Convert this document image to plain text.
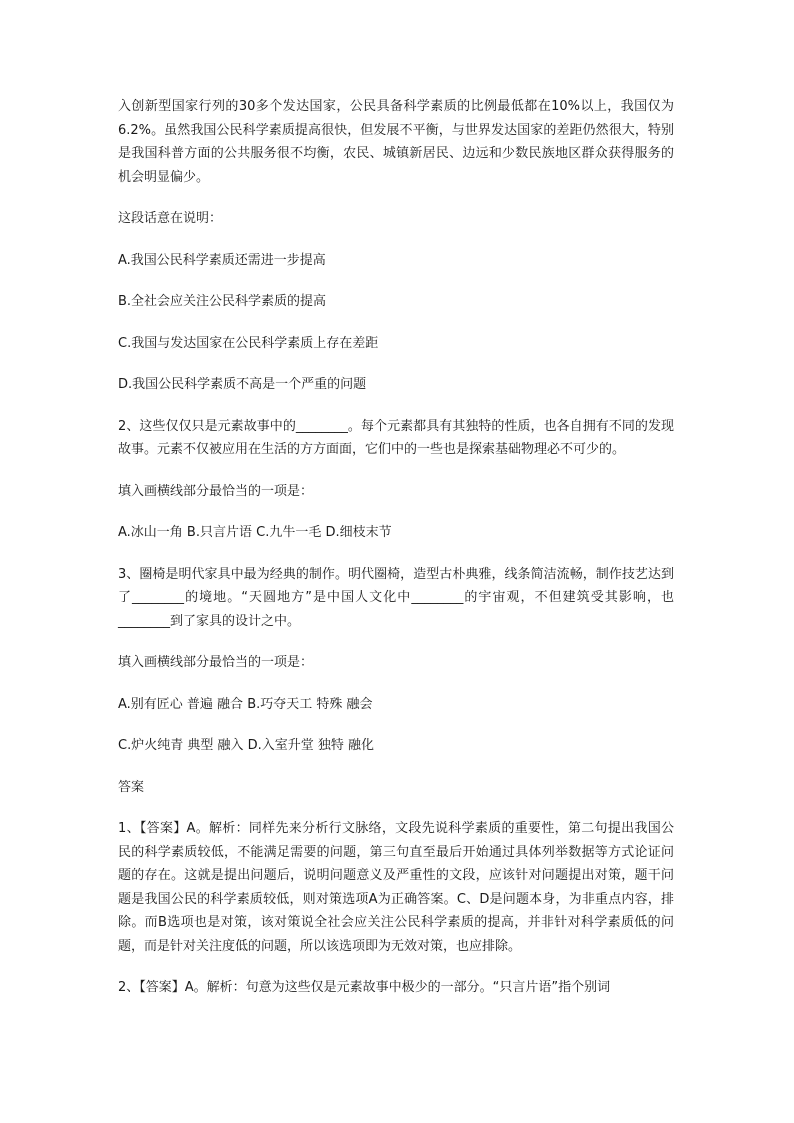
入创新型国家行列的30多个发达国家，公民具备科学素质的比例最低都在10%以上，我国仅为6.2%。虽然我国公民科学素质提高很快，但发展不平衡，与世界发达国家的差距仍然很大，特别是我国科普方面的公共服务很不均衡，农民、城镇新居民、边远和少数民族地区群众获得服务的机会明显偏少。

这段话意在说明：

A.我国公民科学素质还需进一步提高

B.全社会应关注公民科学素质的提高

C.我国与发达国家在公民科学素质上存在差距

D.我国公民科学素质不高是一个严重的问题

2、这些仅仅只是元素故事中的________。每个元素都具有其独特的性质，也各自拥有不同的发现故事。元素不仅被应用在生活的方方面面，它们中的一些也是探索基础物理必不可少的。

填入画横线部分最恰当的一项是：

A.冰山一角 B.只言片语 C.九牛一毛 D.细枝末节

3、圈椅是明代家具中最为经典的制作。明代圈椅，造型古朴典雅，线条简洁流畅，制作技艺达到了________的境地。“天圆地方”是中国人文化中________的宇宙观，不但建筑受其影响，也________到了家具的设计之中。

填入画横线部分最恰当的一项是：

A.别有匠心 普遍 融合 B.巧夺天工 特殊 融会

C.炉火纯青 典型 融入 D.入室升堂 独特 融化

答案

1、【答案】A。解析：同样先来分析行文脉络，文段先说科学素质的重要性，第二句提出我国公民的科学素质较低，不能满足需要的问题，第三句直至最后开始通过具体列举数据等方式论证问题的存在。这就是提出问题后，说明问题意义及严重性的文段，应该针对问题提出对策，题干问题是我国公民的科学素质较低，则对策选项A为正确答案。C、D是问题本身，为非重点内容，排除。而B选项也是对策，该对策说全社会应关注公民科学素质的提高，并非针对科学素质低的问题，而是针对关注度低的问题，所以该选项即为无效对策，也应排除。

2、【答案】A。解析：句意为这些仅是元素故事中极少的一部分。“只言片语”指个别词
